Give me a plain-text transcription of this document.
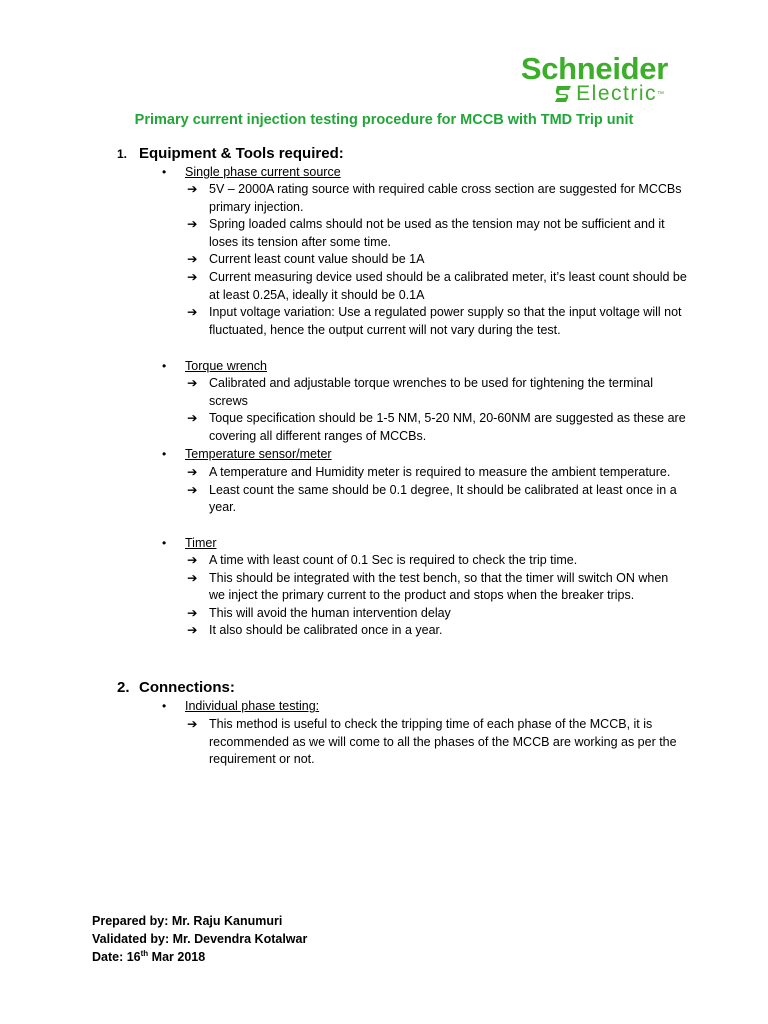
Schneider
Electric ™
Primary current injection testing procedure for MCCB with TMD Trip unit
1. Equipment & Tools required:
• Single phase current source
➔ 5V – 2000A rating source with required cable cross section are suggested for MCCBs primary injection.
➔ Spring loaded calms should not be used as the tension may not be sufficient and it loses its tension after some time.
➔ Current least count value should be 1A
➔ Current measuring device used should be a calibrated meter, it’s least count should be at least 0.25A, ideally it should be 0.1A
➔ Input voltage variation: Use a regulated power supply so that the input voltage will not fluctuated, hence the output current will not vary during the test.
• Torque wrench
➔ Calibrated and adjustable torque wrenches to be used for tightening the terminal screws
➔ Toque specification should be 1-5 NM, 5-20 NM, 20-60NM are suggested as these are covering all different ranges of MCCBs.
• Temperature sensor/meter
➔ A temperature and Humidity meter is required to measure the ambient temperature.
➔ Least count the same should be 0.1 degree, It should be calibrated at least once in a year.
• Timer
➔ A time with least count of 0.1 Sec is required to check the trip time.
➔ This should be integrated with the test bench, so that the timer will switch ON when we inject the primary current to the product and stops when the breaker trips.
➔ This will avoid the human intervention delay
➔ It also should be calibrated once in a year.
2. Connections:
• Individual phase testing:
➔ This method is useful to check the tripping time of each phase of the MCCB, it is recommended as we will come to all the phases of the MCCB are working as per the requirement or not.
Prepared by: Mr. Raju Kanumuri
Validated by: Mr. Devendra Kotalwar
Date: 16th Mar 2018
